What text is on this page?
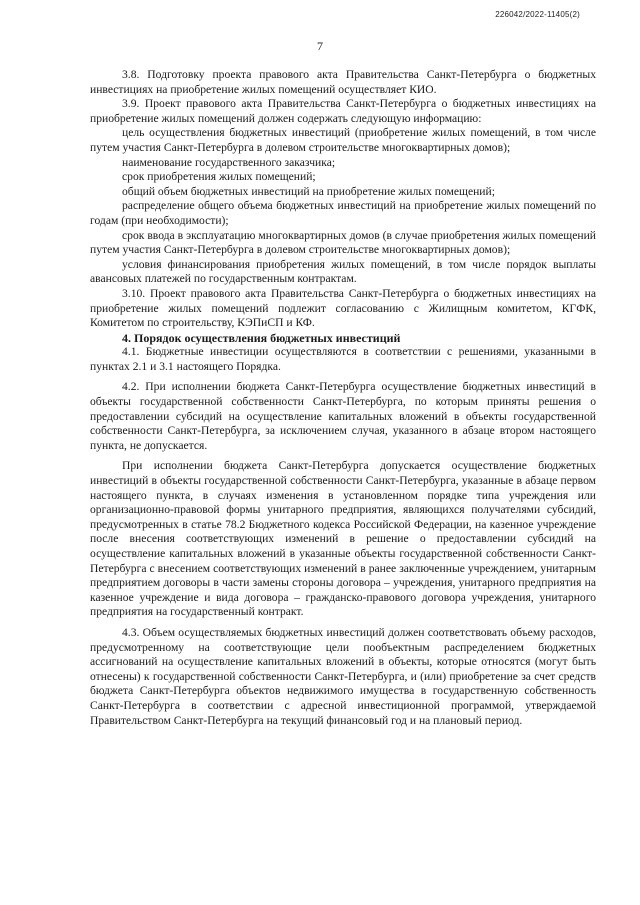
226042/2022-11405(2)
7

3.8. Подготовку проекта правового акта Правительства Санкт-Петербурга о бюджетных инвестициях на приобретение жилых помещений осуществляет КИО.

3.9. Проект правового акта Правительства Санкт-Петербурга о бюджетных инвестициях на приобретение жилых помещений должен содержать следующую информацию:

цель осуществления бюджетных инвестиций (приобретение жилых помещений, в том числе путем участия Санкт-Петербурга в долевом строительстве многоквартирных домов);

наименование государственного заказчика;

срок приобретения жилых помещений;

общий объем бюджетных инвестиций на приобретение жилых помещений;

распределение общего объема бюджетных инвестиций на приобретение жилых помещений по годам (при необходимости);

срок ввода в эксплуатацию многоквартирных домов (в случае приобретения жилых помещений путем участия Санкт-Петербурга в долевом строительстве многоквартирных домов);

условия финансирования приобретения жилых помещений, в том числе порядок выплаты авансовых платежей по государственным контрактам.

3.10. Проект правового акта Правительства Санкт-Петербурга о бюджетных инвестициях на приобретение жилых помещений подлежит согласованию с Жилищным комитетом, КГФК, Комитетом по строительству, КЭПиСП и КФ.

4. Порядок осуществления бюджетных инвестиций

4.1. Бюджетные инвестиции осуществляются в соответствии с решениями, указанными в пунктах 2.1 и 3.1 настоящего Порядка.

4.2. При исполнении бюджета Санкт-Петербурга осуществление бюджетных инвестиций в объекты государственной собственности Санкт-Петербурга, по которым приняты решения о предоставлении субсидий на осуществление капитальных вложений в объекты государственной собственности Санкт-Петербурга, за исключением случая, указанного в абзаце втором настоящего пункта, не допускается.

При исполнении бюджета Санкт-Петербурга допускается осуществление бюджетных инвестиций в объекты государственной собственности Санкт-Петербурга, указанные в абзаце первом настоящего пункта, в случаях изменения в установленном порядке типа учреждения или организационно-правовой формы унитарного предприятия, являющихся получателями субсидий, предусмотренных в статье 78.2 Бюджетного кодекса Российской Федерации, на казенное учреждение после внесения соответствующих изменений в решение о предоставлении субсидий на осуществление капитальных вложений в указанные объекты государственной собственности Санкт-Петербурга с внесением соответствующих изменений в ранее заключенные учреждением, унитарным предприятием договоры в части замены стороны договора – учреждения, унитарного предприятия на казенное учреждение и вида договора – гражданско-правового договора учреждения, унитарного предприятия на государственный контракт.

4.3. Объем осуществляемых бюджетных инвестиций должен соответствовать объему расходов, предусмотренному на соответствующие цели пообъектным распределением бюджетных ассигнований на осуществление капитальных вложений в объекты, которые относятся (могут быть отнесены) к государственной собственности Санкт-Петербурга, и (или) приобретение за счет средств бюджета Санкт-Петербурга объектов недвижимого имущества в государственную собственность Санкт-Петербурга в соответствии с адресной инвестиционной программой, утверждаемой Правительством Санкт-Петербурга на текущий финансовый год и на плановый период.
